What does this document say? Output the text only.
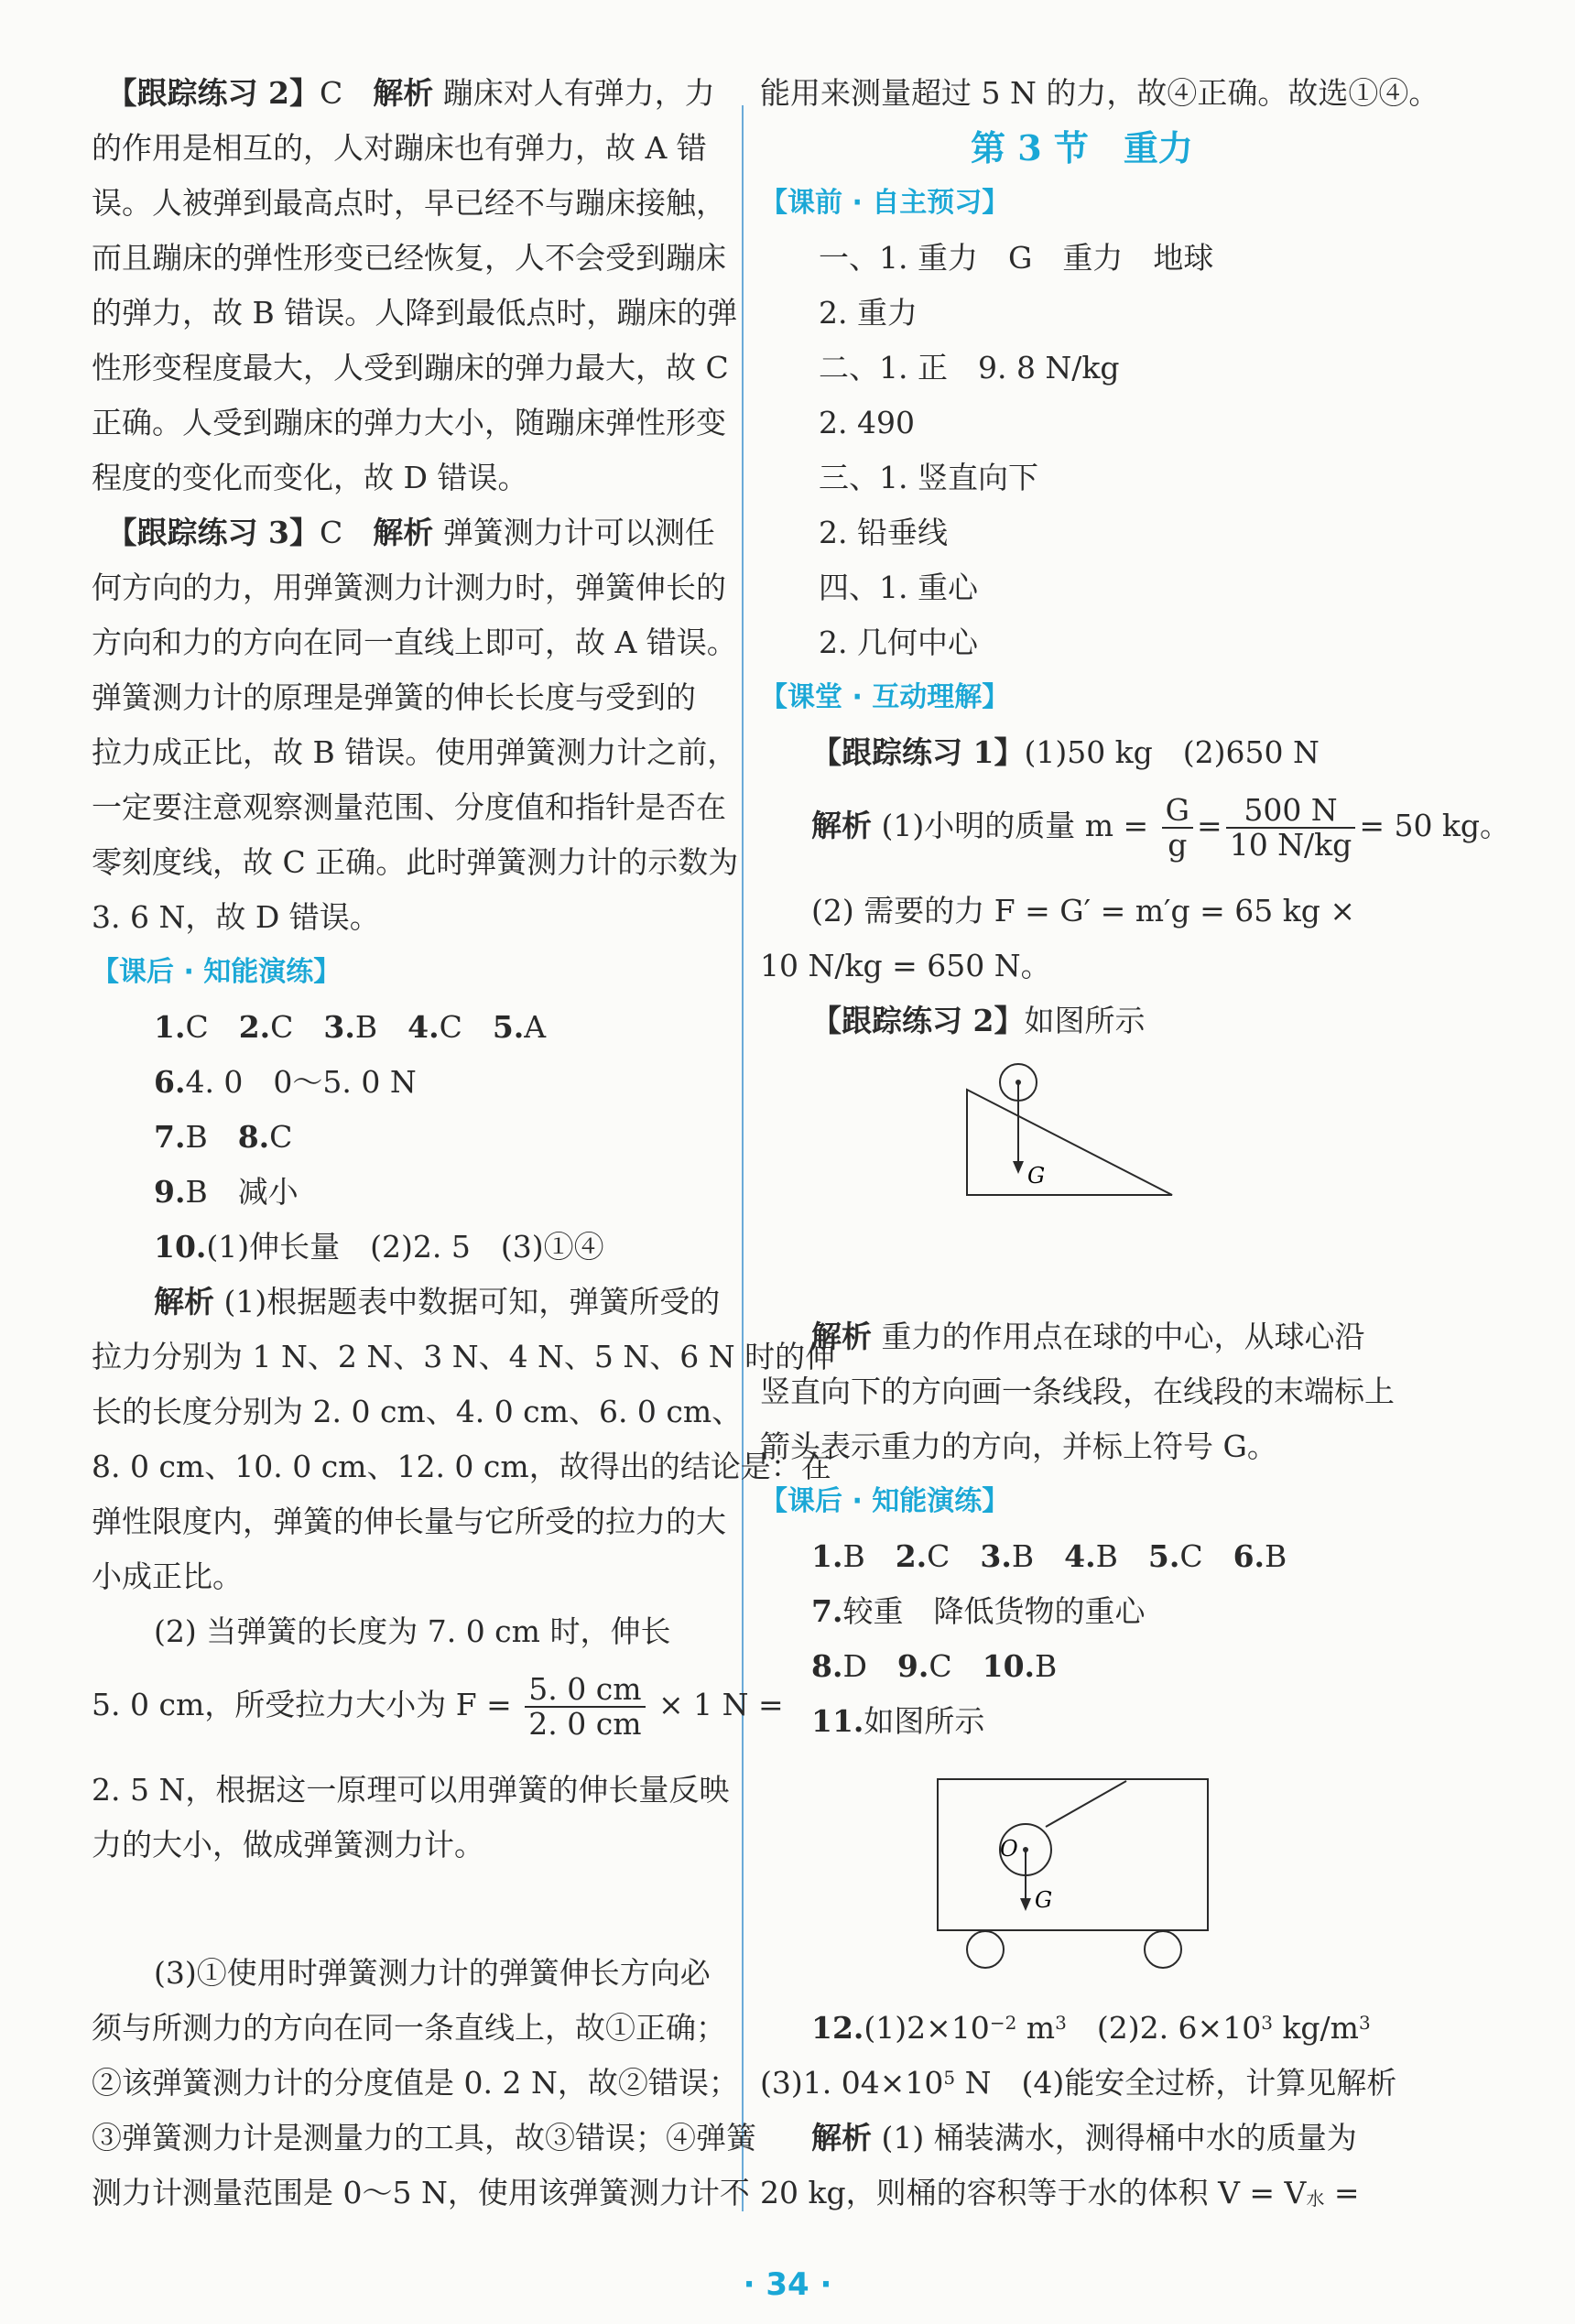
　【跟踪练习 2】C　 解析 蹦床对人有弹力，力
的作用是相互的，人对蹦床也有弹力，故 A 错
误。人被弹到最高点时，早已经不与蹦床接触，
而且蹦床的弹性形变已经恢复，人不会受到蹦床
的弹力，故 B 错误。人降到最低点时，蹦床的弹
性形变程度最大，人受到蹦床的弹力最大，故 C
正确。人受到蹦床的弹力大小，随蹦床弹性形变
程度的变化而变化，故 D 错误。
　【跟踪练习 3】C　 解析 弹簧测力计可以测任
何方向的力，用弹簧测力计测力时，弹簧伸长的
方向和力的方向在同一直线上即可，故 A 错误。
弹簧测力计的原理是弹簧的伸长长度与受到的
拉力成正比，故 B 错误。使用弹簧测力计之前，
一定要注意观察测量范围、分度值和指针是否在
零刻度线，故 C 正确。此时弹簧测力计的示数为
3. 6 N，故 D 错误。
【课后 · 知能演练】
1.C　 2.C　 3.B　 4.C　 5.A
6.4. 0　0～5. 0 N
7.B　 8.C
9.B　减小
10.(1)伸长量　(2)2. 5　(3)①④
解析 (1)根据题表中数据可知，弹簧所受的
拉力分别为 1 N、2 N、3 N、4 N、5 N、6 N 时的伸
长的长度分别为 2. 0 cm、4. 0 cm、6. 0 cm、
8. 0 cm、10. 0 cm、12. 0 cm，故得出的结论是：在
弹性限度内，弹簧的伸长量与它所受的拉力的大
小成正比。
(2) 当弹簧的长度为 7. 0 cm 时，伸长
5. 0 cm，所受拉力大小为 $F = \frac{5. 0 cm}{2. 0 cm} \times 1$ N =
2. 5 N，根据这一原理可以用弹簧的伸长量反映
力的大小，做成弹簧测力计。
(3)①使用时弹簧测力计的弹簧伸长方向必
须与所测力的方向在同一条直线上，故①正确；
②该弹簧测力计的分度值是 0. 2 N，故②错误；
③弹簧测力计是测量力的工具，故③错误；④弹簧
测力计测量范围是 0～5 N，使用该弹簧测力计不
能用来测量超过 5 N 的力，故④正确。故选①④。
第 3 节　重力
【课前 · 自主预习】
一、1. 重力　G　重力　地球
2. 重力
二、1. 正　9. 8 N/kg
2. 490
三、1. 竖直向下
2. 铅垂线
四、1. 重心
2. 几何中心
【课堂 · 互动理解】
【跟踪练习 1】(1)50 kg　(2)650 N
解析 (1)小明的质量 $m = \frac{G}{g} = \frac{500 N}{10 N/kg} = 50$ kg。
(2) 需要的力 F = G′ = m′g = 65 kg ×
10 N/kg = 650 N。
【跟踪练习 2】如图所示
G
解析 重力的作用点在球的中心，从球心沿
竖直向下的方向画一条线段，在线段的末端标上
箭头表示重力的方向，并标上符号 G。
【课后 · 知能演练】
1.B　 2.C　 3.B　 4.B　 5.C　 6.B
7.较重　降低货物的重心
8.D　 9.C　 10.B
11.如图所示
O
G
$12.(1)2\times 10^{-2}$ $m^3$　(2)2. $6\times 10^3$ $kg/m^3$
(3)1. $04\times 10^5$ N　(4)能安全过桥，计算见解析
解析 (1) 桶装满水，测得桶中水的质量为
20 kg，则桶的容积等于水的体积 V = V水 =
· 34 ·
